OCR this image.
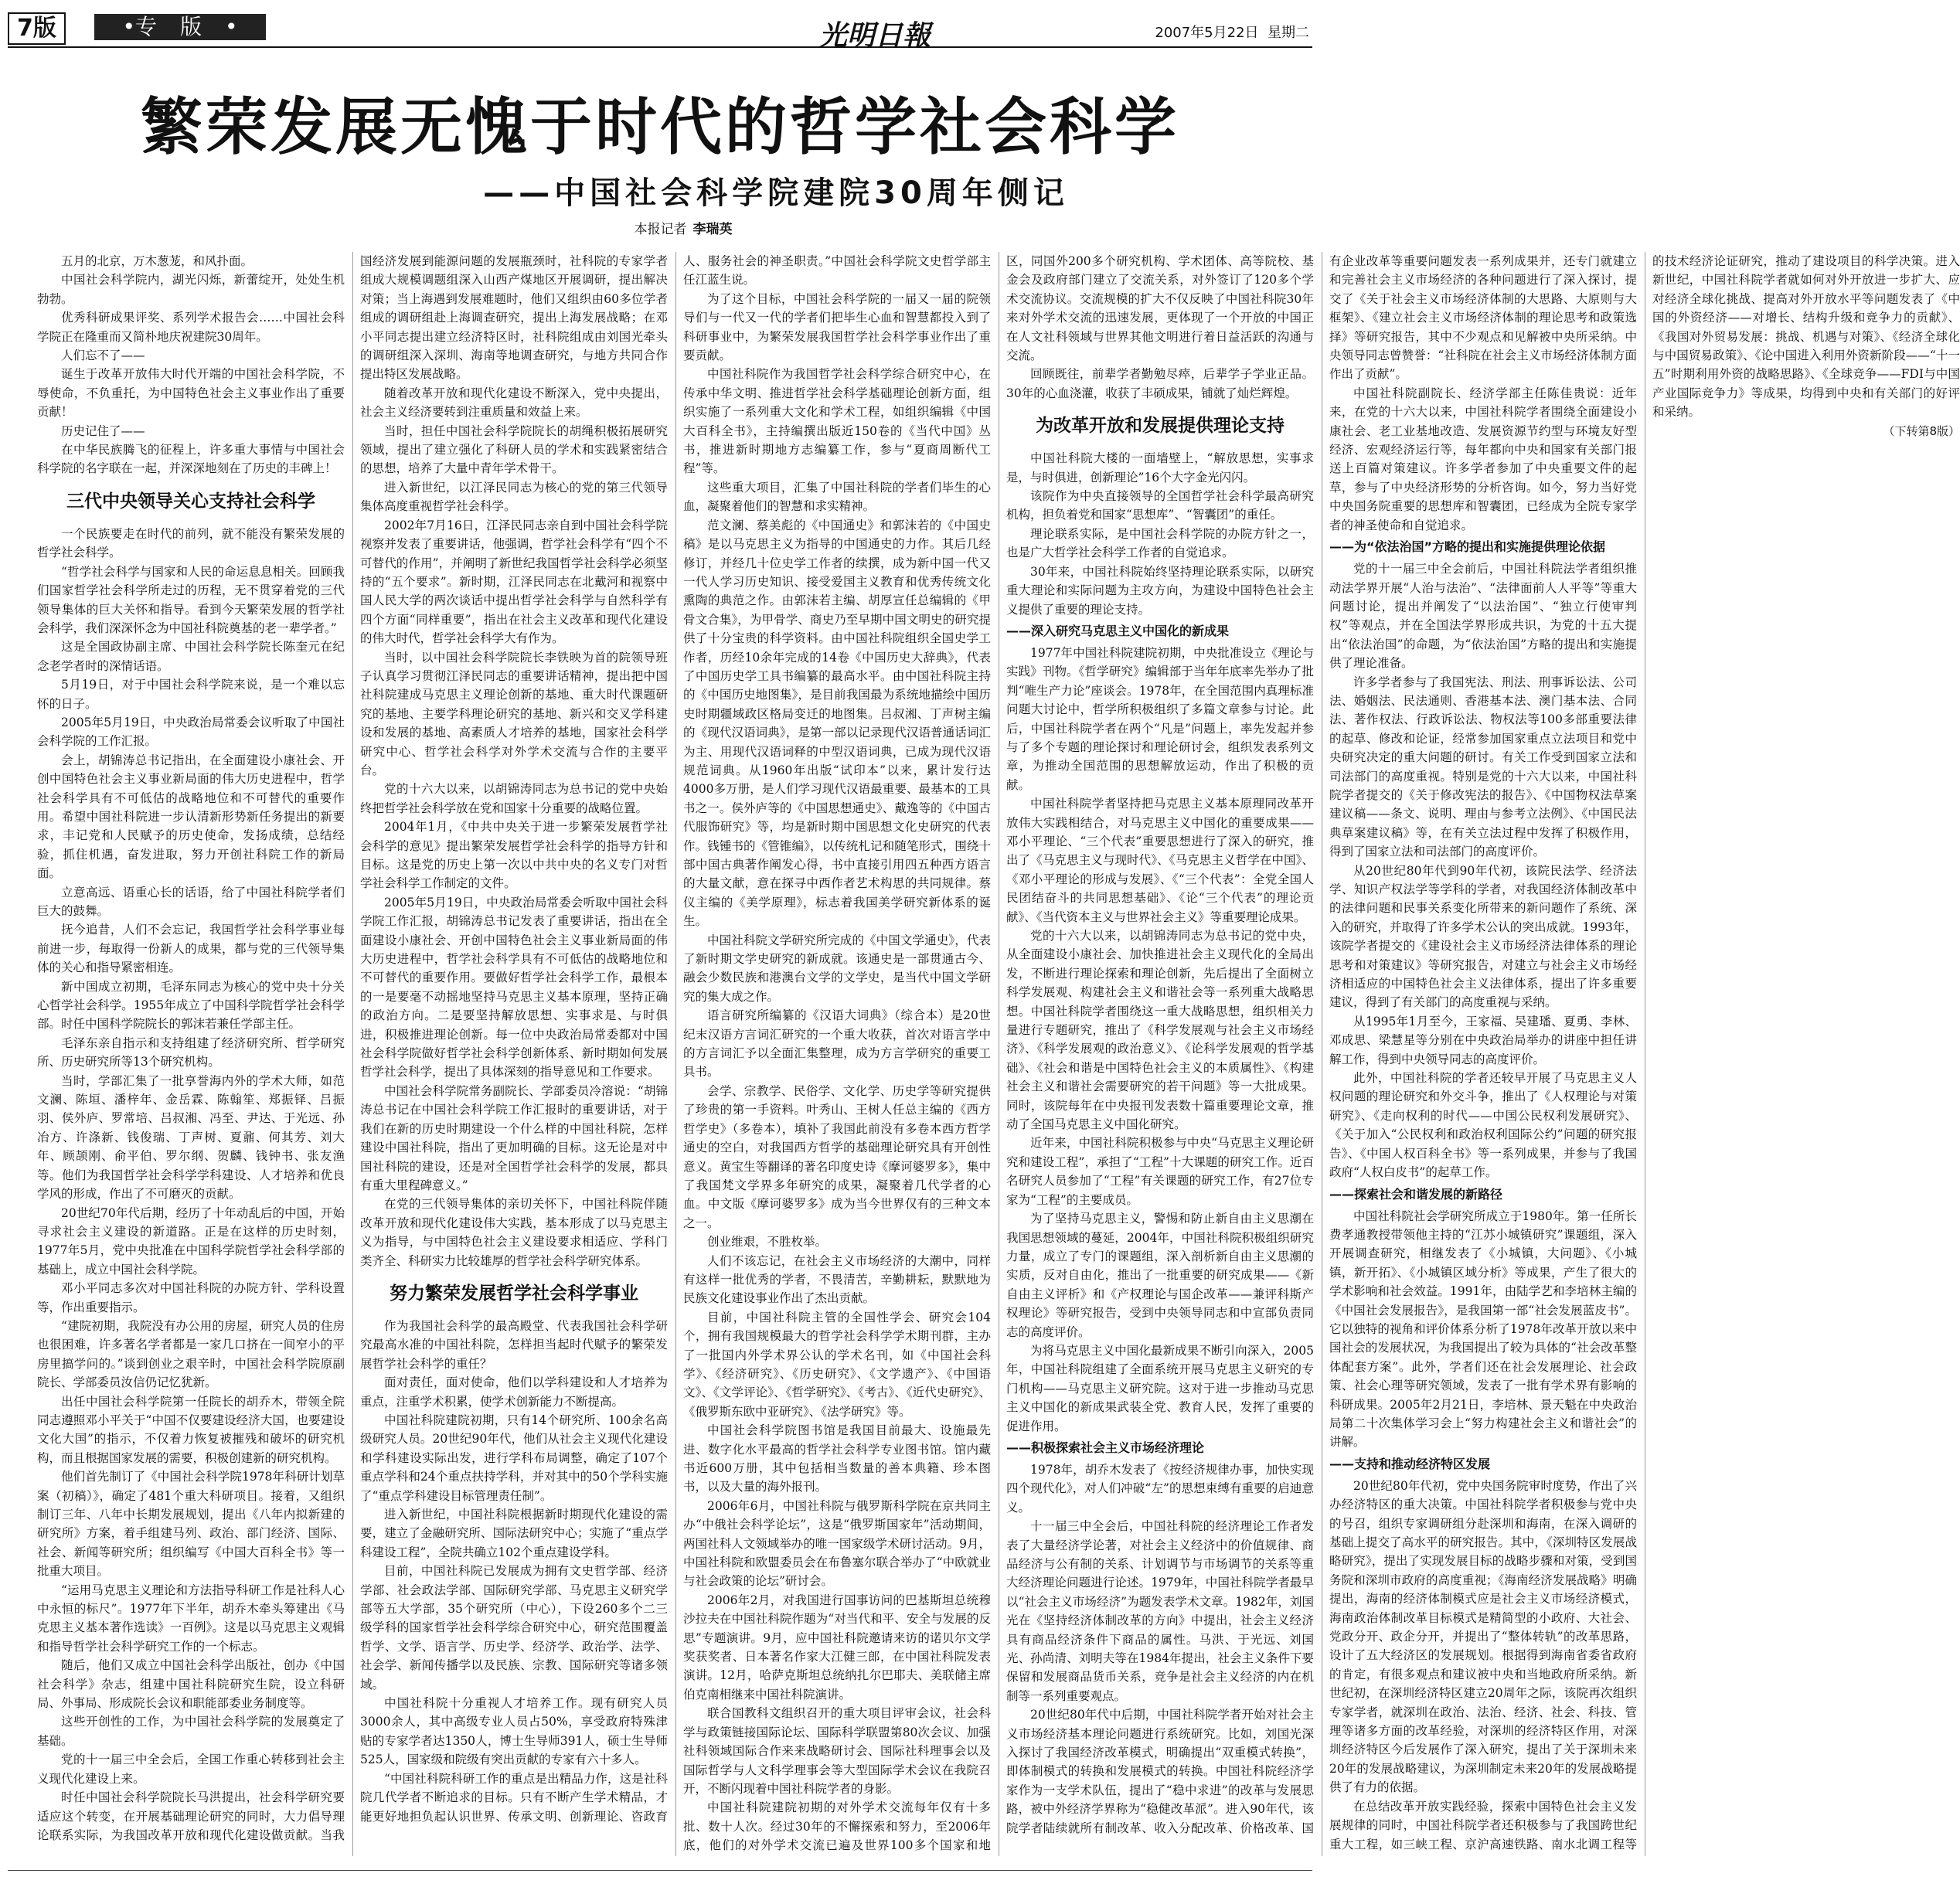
7版	•专版•	光明日報	2007年5月22日 星期二
繁荣发展无愧于时代的哲学社会科学
——中国社会科学院建院30周年侧记
本报记者 李瑞英

五月的北京，万木葱茏，和风扑面。

中国社会科学院内，湖光闪烁，新蕾绽开，处处生机勃勃。

优秀科研成果评奖、系列学术报告会……中国社会科学院正在隆重而又简朴地庆祝建院30周年。

人们忘不了——

诞生于改革开放伟大时代开端的中国社会科学院，不辱使命，不负重托，为中国特色社会主义事业作出了重要贡献！

历史记住了——

在中华民族腾飞的征程上，许多重大事情与中国社会科学院的名字联在一起，并深深地刻在了历史的丰碑上！

三代中央领导关心支持社会科学

一个民族要走在时代的前列，就不能没有繁荣发展的哲学社会科学。

“哲学社会科学与国家和人民的命运息息相关。回顾我们国家哲学社会科学所走过的历程，无不贯穿着党的三代领导集体的巨大关怀和指导。看到今天繁荣发展的哲学社会科学，我们深深怀念为中国社科院奠基的老一辈学者。”

这是全国政协副主席、中国社会科学院长陈奎元在纪念老学者时的深情话语。

5月19日，对于中国社会科学院来说，是一个难以忘怀的日子。

2005年5月19日，中央政治局常委会议听取了中国社会科学院的工作汇报。

会上，胡锦涛总书记指出，在全面建设小康社会、开创中国特色社会主义事业新局面的伟大历史进程中，哲学社会科学具有不可低估的战略地位和不可替代的重要作用。希望中国社科院进一步认清新形势新任务提出的新要求，丰记党和人民赋予的历史使命，发扬成绩，总结经验，抓住机遇，奋发进取，努力开创社科院工作的新局面。

立意高远、语重心长的话语，给了中国社科院学者们巨大的鼓舞。

抚今追昔，人们不会忘记，我国哲学社会科学事业每前进一步，每取得一份新人的成果，都与党的三代领导集体的关心和指导紧密相连。

新中国成立初期，毛泽东同志为核心的党中央十分关心哲学社会科学。1955年成立了中国科学院哲学社会科学部。时任中国科学院院长的郭沫若兼任学部主任。

毛泽东亲自指示和支持组建了经济研究所、哲学研究所、历史研究所等13个研究机构。

当时，学部汇集了一批享誉海内外的学术大师，如范文澜、陈垣、潘梓年、金岳霖、陈翰笙、郑振铎、吕振羽、侯外庐、罗常培、吕叔湘、冯至、尹达、于光远、孙冶方、许涤新、钱俊瑞、丁声树、夏鼐、何其芳、刘大年、顾颉刚、俞平伯、罗尔纲、贺麟、钱钟书、张友渔等。他们为我国哲学社会科学学科建设、人才培养和优良学风的形成，作出了不可磨灭的贡献。

20世纪70年代后期，经历了十年动乱后的中国，开始寻求社会主义建设的新道路。正是在这样的历史时刻，1977年5月，党中央批准在中国科学院哲学社会科学部的基础上，成立中国社会科学院。

邓小平同志多次对中国社科院的办院方针、学科设置等，作出重要指示。

“建院初期，我院没有办公用的房屋，研究人员的住房也很困难，许多著名学者都是一家几口挤在一间窄小的平房里搞学问的。”谈到创业之艰辛时，中国社会科学院原副院长、学部委员汝信仍记忆犹新。

出任中国社会科学院第一任院长的胡乔木，带领全院同志遵照邓小平关于“中国不仅要建设经济大国，也要建设文化大国”的指示，不仅着力恢复被摧残和破坏的研究机构，而且根据国家发展的需要，积极创建新的研究机构。

他们首先制订了《中国社会科学院1978年科研计划草案（初稿）》，确定了481个重大科研项目。接着，又组织制订三年、八年中长期发展规划，提出《八年内拟新建的研究所》方案，着手组建马列、政治、部门经济、国际、社会、新闻等研究所；组织编写《中国大百科全书》等一批重大项目。

“运用马克思主义理论和方法指导科研工作是社科人心中永恒的标尺”。1977年下半年，胡乔木牵头筹建出《马克思主义基本著作选读》一百例》。这是以马克思主义观辑和指导哲学社会科学研究工作的一个标志。

随后，他们又成立中国社会科学出版社，创办《中国社会科学》杂志，组建中国社科院研究生院，设立科研局、外事局、形成院长会议和职能部委业务制度等。

这些开创性的工作，为中国社会科学院的发展奠定了基础。

党的十一届三中全会后，全国工作重心转移到社会主义现代化建设上来。

时任中国社会科学院院长马洪提出，社会科学研究要适应这个转变，在开展基础理论研究的同时，大力倡导理论联系实际，为我国改革开放和现代化建设做贡献。当我国经济发展到能源问题的发展瓶颈时，社科院的专家学者组成大规模调题组深入山西产煤地区开展调研，提出解决对策；当上海遇到发展难题时，他们又组织由60多位学者组成的调研组赴上海调查研究，提出上海发展战略；在邓小平同志提出建立经济特区时，社科院组成由刘国光牵头的调研组深入深圳、海南等地调查研究，与地方共同合作提出特区发展战略。

随着改革开放和现代化建设不断深入，党中央提出，社会主义经济要转到注重质量和效益上来。

当时，担任中国社会科学院院长的胡绳积极拓展研究领域，提出了建立强化了科研人员的学术和实践紧密结合的思想，培养了大量中青年学术骨干。

进入新世纪，以江泽民同志为核心的党的第三代领导集体高度重视哲学社会科学。

2002年7月16日，江泽民同志亲自到中国社会科学院视察并发表了重要讲话，他强调，哲学社会科学有“四个不可替代的作用”，并阐明了新世纪我国哲学社会科学必须坚持的“五个要求”。新时期，江泽民同志在北戴河和视察中国人民大学的两次谈话中提出哲学社会科学与自然科学有四个方面“同样重要”，指出在社会主义改革和现代化建设的伟大时代，哲学社会科学大有作为。

当时，以中国社会科学院院长李铁映为首的院领导班子认真学习贯彻江泽民同志的重要讲话精神，提出把中国社科院建成马克思主义理论创新的基地、重大时代课题研究的基地、主要学科理论研究的基地、新兴和交叉学科建设和发展的基地、高素质人才培养的基地，国家社会科学研究中心、哲学社会科学对外学术交流与合作的主要平台。

党的十六大以来，以胡锦涛同志为总书记的党中央始终把哲学社会科学放在党和国家十分重要的战略位置。

2004年1月，《中共中央关于进一步繁荣发展哲学社会科学的意见》提出繁荣发展哲学社会科学的指导方针和目标。这是党的历史上第一次以中共中央的名义专门对哲学社会科学工作制定的文件。

2005年5月19日，中央政治局常委会听取中国社会科学院工作汇报，胡锦涛总书记发表了重要讲话，指出在全面建设小康社会、开创中国特色社会主义事业新局面的伟大历史进程中，哲学社会科学具有不可低估的战略地位和不可替代的重要作用。要做好哲学社会科学工作，最根本的一是要毫不动摇地坚持马克思主义基本原理，坚持正确的政治方向。二是要坚持解放思想、实事求是、与时俱进，积极推进理论创新。每一位中央政治局常委都对中国社会科学院做好哲学社会科学创新体系、新时期如何发展哲学社会科学，提出了具体深刻的指导意见和工作要求。

中国社会科学院常务副院长、学部委员冷溶说：“胡锦涛总书记在中国社会科学院工作汇报时的重要讲话，对于我们在新的历史时期建设一个什么样的中国社科院，怎样建设中国社科院，指出了更加明确的目标。这无论是对中国社科院的建设，还是对全国哲学社会科学的发展，都具有重大里程碑意义。”

在党的三代领导集体的亲切关怀下，中国社科院伴随改革开放和现代化建设伟大实践，基本形成了以马克思主义为指导，与中国特色社会主义建设要求相适应、学科门类齐全、科研实力比较雄厚的哲学社会科学研究体系。

努力繁荣发展哲学社会科学事业

作为我国社会科学的最高殿堂、代表我国社会科学研究最高水准的中国社科院，怎样担当起时代赋予的繁荣发展哲学社会科学的重任？

面对责任，面对使命，他们以学科建设和人才培养为重点，注重学术积累，使学术创新能力不断提高。

中国社科院建院初期，只有14个研究所、100余名高级研究人员。20世纪90年代，他们从社会主义现代化建设和学科建设实际出发，进行学科布局调整，确定了107个重点学科和24个重点扶持学科，并对其中的50个学科实施了“重点学科建设目标管理责任制”。

进入新世纪，中国社科院根据新时期现代化建设的需要，建立了金融研究所、国际法研究中心；实施了“重点学科建设工程”，全院共确立102个重点建设学科。

目前，中国社科院已发展成为拥有文史哲学部、经济学部、社会政法学部、国际研究学部、马克思主义研究学部等五大学部，35个研究所（中心），下设260多个二三级学科的国家哲学社会科学综合研究中心，研究范围覆盖哲学、文学、语言学、历史学、经济学、政治学、法学、社会学、新闻传播学以及民族、宗教、国际研究等诸多领域。

中国社科院十分重视人才培养工作。现有研究人员3000余人，其中高级专业人员占50%，享受政府特殊津贴的专家学者达1350人，博士生导师391人，硕士生导师525人，国家级和院级有突出贡献的专家有六十多人。

“中国社科院科研工作的重点是出精品力作，这是社科院几代学者不断追求的目标。只有不断产生学术精品，才能更好地担负起认识世界、传承文明、创新理论、咨政育人、服务社会的神圣职责。”中国社会科学院文史哲学部主任江蓝生说。

为了这个目标，中国社会科学院的一届又一届的院领导们与一代又一代的学者们把毕生心血和智慧都投入到了科研事业中，为繁荣发展我国哲学社会科学事业作出了重要贡献。

中国社科院作为我国哲学社会科学综合研究中心，在传承中华文明、推进哲学社会科学基础理论创新方面，组织实施了一系列重大文化和学术工程，如组织编辑《中国大百科全书》，主持编撰出版近150卷的《当代中国》丛书，推进新时期地方志编纂工作，参与“夏商周断代工程”等。

这些重大项目，汇集了中国社科院的学者们毕生的心血，凝聚着他们的智慧和求实精神。

范文澜、蔡美彪的《中国通史》和郭沫若的《中国史稿》是以马克思主义为指导的中国通史的力作。其后几经修订，并经几十位史学工作者的续撰，成为新中国一代又一代人学习历史知识、接受爱国主义教育和优秀传统文化熏陶的典范之作。由郭沫若主编、胡厚宣任总编辑的《甲骨文合集》，为甲骨学、商史乃至早期中国文明史的研究提供了十分宝贵的科学资料。由中国社科院组织全国史学工作者，历经10余年完成的14卷《中国历史大辞典》，代表了中国历史学工具书编纂的最高水平。由中国社科院主持的《中国历史地图集》，是目前我国最为系统地描绘中国历史时期疆域政区格局变迁的地图集。吕叔湘、丁声树主编的《现代汉语词典》，是第一部以记录现代汉语普通话词汇为主、用现代汉语词释的中型汉语词典，已成为现代汉语规范词典。从1960年出版“试印本”以来，累计发行达4000多万册，是人们学习现代汉语最重要、最基本的工具书之一。侯外庐等的《中国思想通史》、戴逸等的《中国古代服饰研究》等，均是新时期中国思想文化史研究的代表作。钱锺书的《管锥编》，以传统札记和随笔形式，围绕十部中国古典著作阐发心得，书中直接引用四五种西方语言的大量文献，意在探寻中西作者艺术构思的共同规律。蔡仪主编的《美学原理》，标志着我国美学研究新体系的诞生。

中国社科院文学研究所完成的《中国文学通史》，代表了新时期文学史研究的新成就。该通史是一部贯通古今、融会少数民族和港澳台文学的文学史，是当代中国文学研究的集大成之作。

语言研究所编纂的《汉语大词典》（综合本）是20世纪末汉语方言词汇研究的一个重大收获，首次对语言学中的方言词汇予以全面汇集整理，成为方言学研究的重要工具书。

会学、宗教学、民俗学、文化学、历史学等研究提供了珍贵的第一手资料。叶秀山、王树人任总主编的《西方哲学史》（多卷本），填补了我国此前没有多卷本西方哲学通史的空白，对我国西方哲学的基础理论研究具有开创性意义。黄宝生等翻译的著名印度史诗《摩诃婆罗多》，集中了我国梵文学界多年研究的成果，凝聚着几代学者的心血。中文版《摩诃婆罗多》成为当今世界仅有的三种文本之一。

创业维艰，不胜枚举。

人们不该忘记，在社会主义市场经济的大潮中，同样有这样一批优秀的学者，不畏清苦，辛勤耕耘，默默地为民族文化建设事业作出了杰出贡献。

目前，中国社科院主管的全国性学会、研究会104个，拥有我国规模最大的哲学社会科学学术期刊群，主办了一批国内外学术界公认的学术名刊，如《中国社会科学》、《经济研究》、《历史研究》、《文学遗产》、《中国语文》、《文学评论》、《哲学研究》、《考古》、《近代史研究》、《俄罗斯东欧中亚研究》、《法学研究》等。

中国社会科学院图书馆是我国目前最大、设施最先进、数字化水平最高的哲学社会科学专业图书馆。馆内藏书近600万册，其中包括相当数量的善本典籍、珍本图书，以及大量的海外报刊。

2006年6月，中国社科院与俄罗斯科学院在京共同主办“中俄社会科学论坛”，这是“俄罗斯国家年”活动期间，两国社科人文领域举办的唯一国家级学术研讨活动。9月，中国社科院和欧盟委员会在布鲁塞尔联合举办了“中欧就业与社会政策的论坛”研讨会。

2006年2月，对我国进行国事访问的巴基斯坦总统穆沙拉夫在中国社科院作题为“对当代和平、安全与发展的反思”专题演讲。9月，应中国社科院邀请来访的诺贝尔文学奖获奖者、日本著名作家大江健三郎，在中国社科院发表演讲。12月，哈萨克斯坦总统纳扎尔巴耶夫、美联储主席伯克南相继来中国社科院演讲。

联合国教科文组织召开的重大项目评审会议，社会科学与政策链接国际论坛、国际科学联盟第80次会议、加强社科领域国际合作来来战略研讨会、国际社科理事会以及国际哲学与人文科学理事会等大型国际学术会议在我院召开，不断闪现着中国社科院学者的身影。

中国社科院建院初期的对外学术交流每年仅有十多批、数十人次。经过30年的不懈探索和努力，至2006年底，他们的对外学术交流已遍及世界100多个国家和地区，同国外200多个研究机构、学术团体、高等院校、基金会及政府部门建立了交流关系，对外签订了120多个学术交流协议。交流规模的扩大不仅反映了中国社科院30年来对外学术交流的迅速发展，更体现了一个开放的中国正在人文社科领域与世界其他文明进行着日益活跃的沟通与交流。

回顾既往，前辈学者勤勉尽瘁，后辈学子学业正品。30年的心血浇灌，收获了丰硕成果，铺就了灿烂辉煌。

为改革开放和发展提供理论支持

中国社科院大楼的一面墙壁上，“解放思想，实事求是，与时俱进，创新理论”16个大字金光闪闪。

该院作为中央直接领导的全国哲学社会科学最高研究机构，担负着党和国家“思想库”、“智囊团”的重任。

理论联系实际，是中国社会科学院的办院方针之一，也是广大哲学社会科学工作者的自觉追求。

30年来，中国社科院始终坚持理论联系实际，以研究重大理论和实际问题为主攻方向，为建设中国特色社会主义提供了重要的理论支持。

——深入研究马克思主义中国化的新成果

1977年中国社科院建院初期，中央批准设立《理论与实践》刊物。《哲学研究》编辑部于当年年底率先举办了批判“唯生产力论”座谈会。1978年，在全国范围内真理标准问题大讨论中，哲学所积极组织了多篇文章参与讨论。此后，中国社科院学者在两个“凡是”问题上，率先发起并参与了多个专题的理论探讨和理论研讨会，组织发表系列文章，为推动全国范围的思想解放运动，作出了积极的贡献。

中国社科院学者坚持把马克思主义基本原理同改革开放伟大实践相结合，对马克思主义中国化的重要成果——邓小平理论、“三个代表”重要思想进行了深入的研究，推出了《马克思主义与现时代》、《马克思主义哲学在中国》、《邓小平理论的形成与发展》、《“三个代表”：全党全国人民团结奋斗的共同思想基础》、《论“三个代表”的理论贡献》、《当代资本主义与世界社会主义》等重要理论成果。

党的十六大以来，以胡锦涛同志为总书记的党中央，从全面建设小康社会、加快推进社会主义现代化的全局出发，不断进行理论探索和理论创新，先后提出了全面树立科学发展观、构建社会主义和谐社会等一系列重大战略思想。中国社科院学者围绕这一重大战略思想，组织相关力量进行专题研究，推出了《科学发展观与社会主义市场经济》、《科学发展观的政治意义》、《论科学发展观的哲学基础》、《社会和谐是中国特色社会主义的本质属性》、《构建社会主义和谐社会需要研究的若干问题》等一大批成果。同时，该院每年在中央报刊发表数十篇重要理论文章，推动了全国马克思主义中国化研究。

近年来，中国社科院积极参与中央“马克思主义理论研究和建设工程”，承担了“工程”十大课题的研究工作。近百名研究人员参加了“工程”有关课题的研究工作，有27位专家为“工程”的主要成员。

为了坚持马克思主义，警惕和防止新自由主义思潮在我国思想领域的蔓延，2004年，中国社科院积极组织研究力量，成立了专门的课题组，深入剖析新自由主义思潮的实质，反对自由化，推出了一批重要的研究成果——《新自由主义评析》和《产权理论与国企改革——兼评科斯产权理论》等研究报告，受到中央领导同志和中宣部负责同志的高度评价。

为将马克思主义中国化最新成果不断引向深入，2005年，中国社科院组建了全面系统开展马克思主义研究的专门机构——马克思主义研究院。这对于进一步推动马克思主义中国化的新成果武装全党、教育人民，发挥了重要的促进作用。

——积极探索社会主义市场经济理论

1978年，胡乔木发表了《按经济规律办事，加快实现四个现代化》，对人们冲破“左”的思想束缚有重要的启迪意义。

十一届三中全会后，中国社科院的经济理论工作者发表了大量经济学论著，对社会主义经济中的价值规律、商品经济与公有制的关系、计划调节与市场调节的关系等重大经济理论问题进行论述。1979年，中国社科院学者最早以“社会主义市场经济”为题发表学术文章。1982年，刘国光在《坚持经济体制改革的方向》中提出，社会主义经济具有商品经济条件下商品的属性。马洪、于光远、刘国光、孙尚清、刘明夫等在1984年提出，社会主义条件下要保留和发展商品货币关系，竞争是社会主义经济的内在机制等一系列重要观点。

20世纪80年代中后期，中国社科院学者开始对社会主义市场经济基本理论问题进行系统研究。比如，刘国光深入探讨了我国经济改革模式，明确提出“双重模式转换”，即体制模式的转换和发展模式的转换。中国社科院经济学家作为一支学术队伍，提出了“稳中求进”的改革与发展思路，被中外经济学界称为“稳健改革派”。进入90年代，该院学者陆续就所有制改革、收入分配改革、价格改革、国有企业改革等重要问题发表一系列成果并，还专门就建立和完善社会主义市场经济的各种问题进行了深入探讨，提交了《关于社会主义市场经济体制的大思路、大原则与大框架》、《建立社会主义市场经济体制的理论思考和政策选择》等研究报告，其中不少观点和见解被中央所采纳。中央领导同志曾赞誉：“社科院在社会主义市场经济体制方面作出了贡献”。

中国社科院副院长、经济学部主任陈佳贵说：近年来，在党的十六大以来，中国社科院学者围绕全面建设小康社会、老工业基地改造、发展资源节约型与环境友好型经济、宏观经济运行等，每年都向中央和国家有关部门报送上百篇对策建议。许多学者参加了中央重要文件的起草，参与了中央经济形势的分析咨询。如今，努力当好党中央国务院重要的思想库和智囊团，已经成为全院专家学者的神圣使命和自觉追求。

——为“依法治国”方略的提出和实施提供理论依据

党的十一届三中全会前后，中国社科院法学者组织推动法学界开展“人治与法治”、“法律面前人人平等”等重大问题讨论，提出并阐发了“以法治国”、“独立行使审判权”等观点，并在全国法学界形成共识，为党的十五大提出“依法治国”的命题，为“依法治国”方略的提出和实施提供了理论准备。

许多学者参与了我国宪法、刑法、刑事诉讼法、公司法、婚姻法、民法通则、香港基本法、澳门基本法、合同法、著作权法、行政诉讼法、物权法等100多部重要法律的起草、修改和论证，经常参加国家重点立法项目和党中央研究决定的重大问题的研讨。有关工作受到国家立法和司法部门的高度重视。特别是党的十六大以来，中国社科院学者提交的《关于修改宪法的报告》、《中国物权法草案建议稿——条文、说明、理由与参考立法例》、《中国民法典草案建议稿》等，在有关立法过程中发挥了积极作用，得到了国家立法和司法部门的高度评价。

从20世纪80年代到90年代初，该院民法学、经济法学、知识产权法学等学科的学者，对我国经济体制改革中的法律问题和民事关系变化所带来的新问题作了系统、深入的研究，并取得了许多学术公认的突出成就。1993年，该院学者提交的《建设社会主义市场经济法律体系的理论思考和对策建议》等研究报告，对建立与社会主义市场经济相适应的中国特色社会主义法律体系，提出了许多重要建议，得到了有关部门的高度重视与采纳。

从1995年1月至今，王家福、吴建璠、夏勇、李林、邓成思、梁慧星等分别在中央政治局举办的讲座中担任讲解工作，得到中央领导同志的高度评价。

此外，中国社科院的学者还较早开展了马克思主义人权问题的理论研究和外交斗争，推出了《人权理论与对策研究》、《走向权利的时代——中国公民权利发展研究》、《关于加入“公民权利和政治权利国际公约”问题的研究报告》、《中国人权百科全书》等一系列成果，并参与了我国政府“人权白皮书”的起草工作。

——探索社会和谐发展的新路径

中国社科院社会学研究所成立于1980年。第一任所长费孝通教授带领他主持的“江苏小城镇研究”课题组，深入开展调查研究，相继发表了《小城镇，大问题》、《小城镇，新开拓》、《小城镇区域分析》等成果，产生了很大的学术影响和社会效益。1991年，由陆学艺和李培林主编的《中国社会发展报告》，是我国第一部“社会发展蓝皮书”。它以独特的视角和评价体系分析了1978年改革开放以来中国社会的发展状况，为我国提出了较为具体的“社会改革整体配套方案”。此外，学者们还在社会发展理论、社会政策、社会心理等研究领域，发表了一批有学术界有影响的科研成果。2005年2月21日，李培林、景天魁在中央政治局第二十次集体学习会上“努力构建社会主义和谐社会”的讲解。

——支持和推动经济特区发展

20世纪80年代初，党中央国务院审时度势，作出了兴办经济特区的重大决策。中国社科院学者积极参与党中央的号召，组织专家调研组分赴深圳和海南，在深入调研的基础上提交了高水平的研究报告。其中，《深圳特区发展战略研究》，提出了实现发展目标的战略步骤和对策，受到国务院和深圳市政府的高度重视；《海南经济发展战略》明确提出，海南的经济体制模式应是社会主义市场经济模式，海南政治体制改革目标模式是精简型的小政府、大社会、党政分开、政企分开，并提出了“整体转轨”的改革思路，设计了五大经济区的发展规划。根据得到海南省委省政府的肯定，有很多观点和建议被中央和当地政府所采纳。新世纪初，在深圳经济特区建立20周年之际，该院再次组织专家学者，就深圳在政治、法治、经济、社会、科技、管理等诸多方面的改革经验，对深圳的经济特区作用，对深圳经济特区今后发展作了深入研究，提出了关于深圳未来20年的发展战略建议，为深圳制定未来20年的发展战略提供了有力的依据。

在总结改革开放实践经验，探索中国特色社会主义发展规律的同时，中国社科院学者还积极参与了我国跨世纪重大工程，如三峡工程、京沪高速铁路、南水北调工程等的技术经济论证研究，推动了建设项目的科学决策。进入新世纪，中国社科院学者就如何对外开放进一步扩大、应对经济全球化挑战、提高对外开放水平等问题发表了《中国的外资经济——对增长、结构升级和竞争力的贡献》、《我国对外贸易发展：挑战、机遇与对策》、《经济全球化与中国贸易政策》、《论中国进入利用外资新阶段——“十一五”时期利用外资的战略思路》、《全球竞争——FDI与中国产业国际竞争力》等成果，均得到中央和有关部门的好评和采纳。

（下转第8版）
